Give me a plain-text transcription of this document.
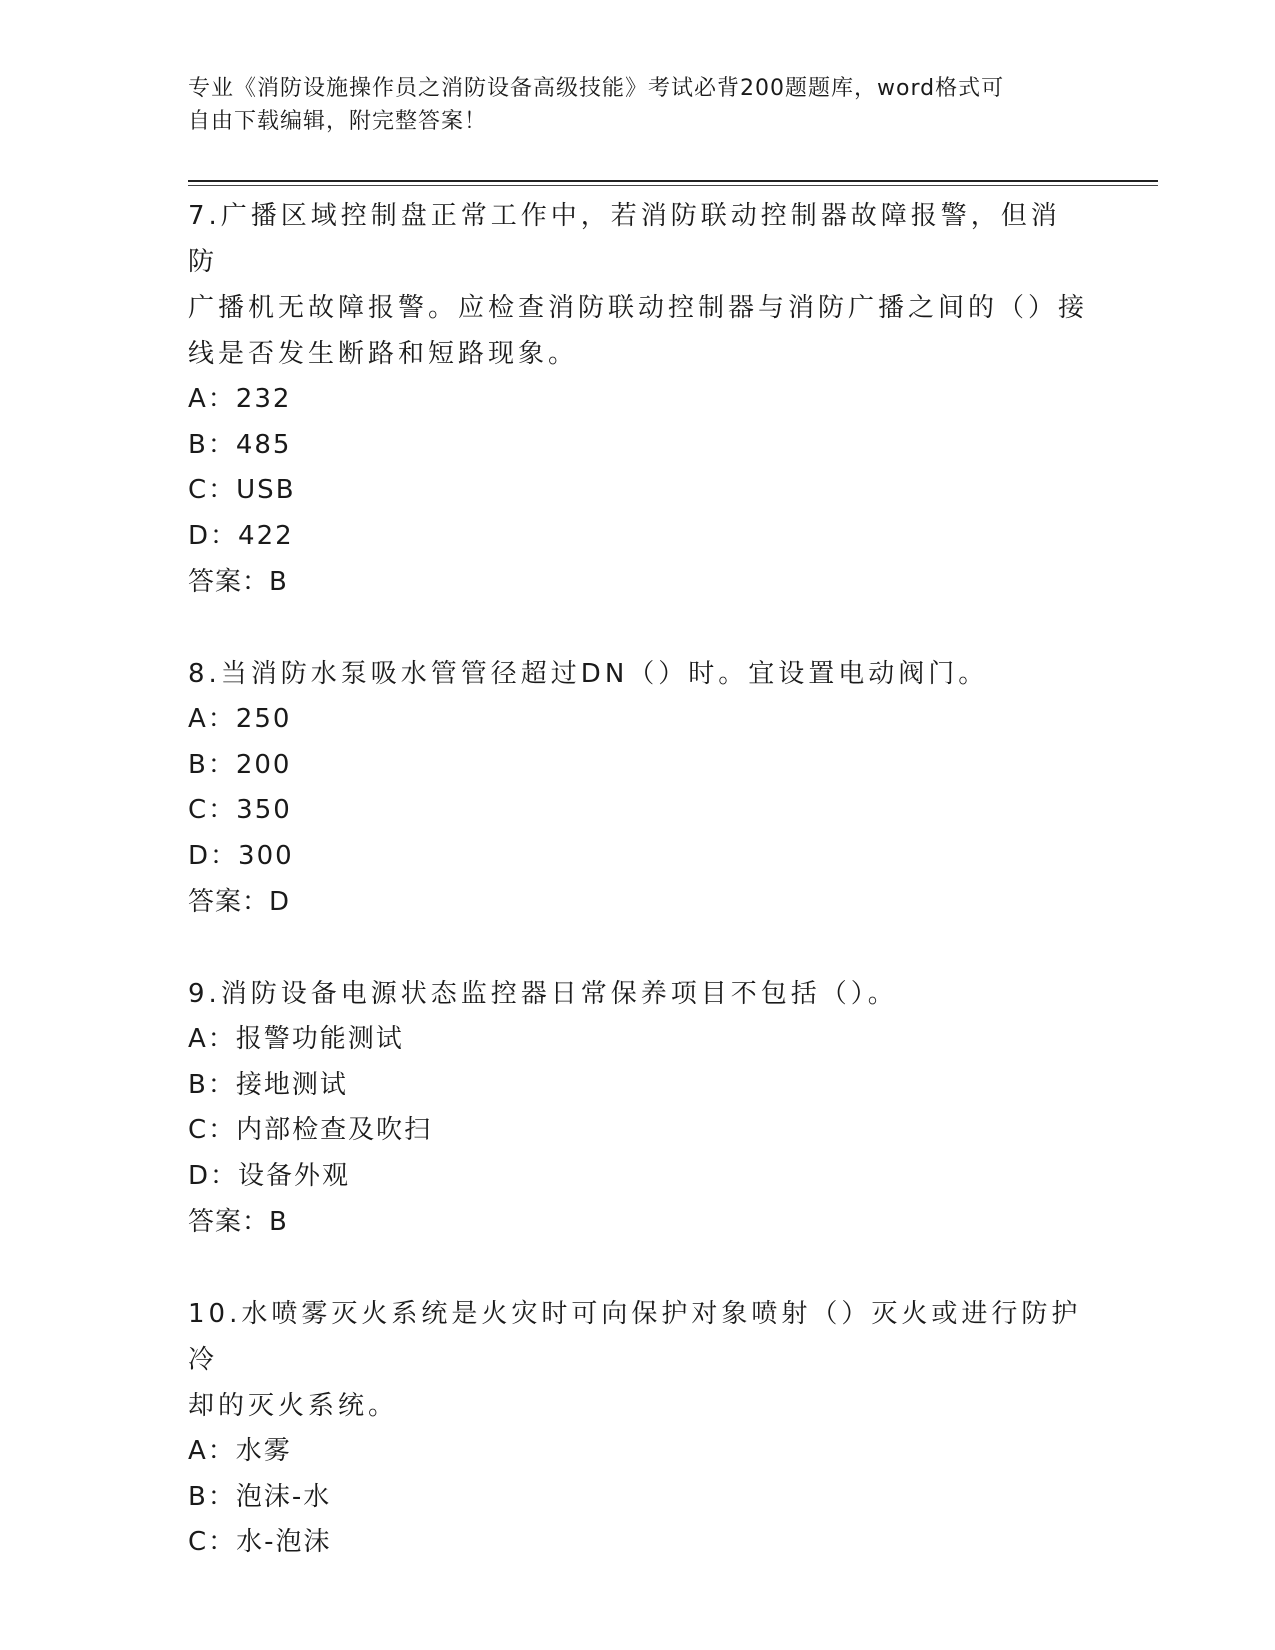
专业《消防设施操作员之消防设备高级技能》考试必背200题题库，word格式可
自由下载编辑，附完整答案！
7.广播区域控制盘正常工作中，若消防联动控制器故障报警，但消防
广播机无故障报警。应检查消防联动控制器与消防广播之间的（）接
线是否发生断路和短路现象。
A：232
B：485
C：USB
D：422
答案：B
8.当消防水泵吸水管管径超过DN（）时。宜设置电动阀门。
A：250
B：200
C：350
D：300
答案：D
9.消防设备电源状态监控器日常保养项目不包括（）。
A：报警功能测试
B：接地测试
C：内部检查及吹扫
D：设备外观
答案：B
10.水喷雾灭火系统是火灾时可向保护对象喷射（）灭火或进行防护冷
却的灭火系统。
A：水雾
B：泡沫-水
C：水-泡沫
